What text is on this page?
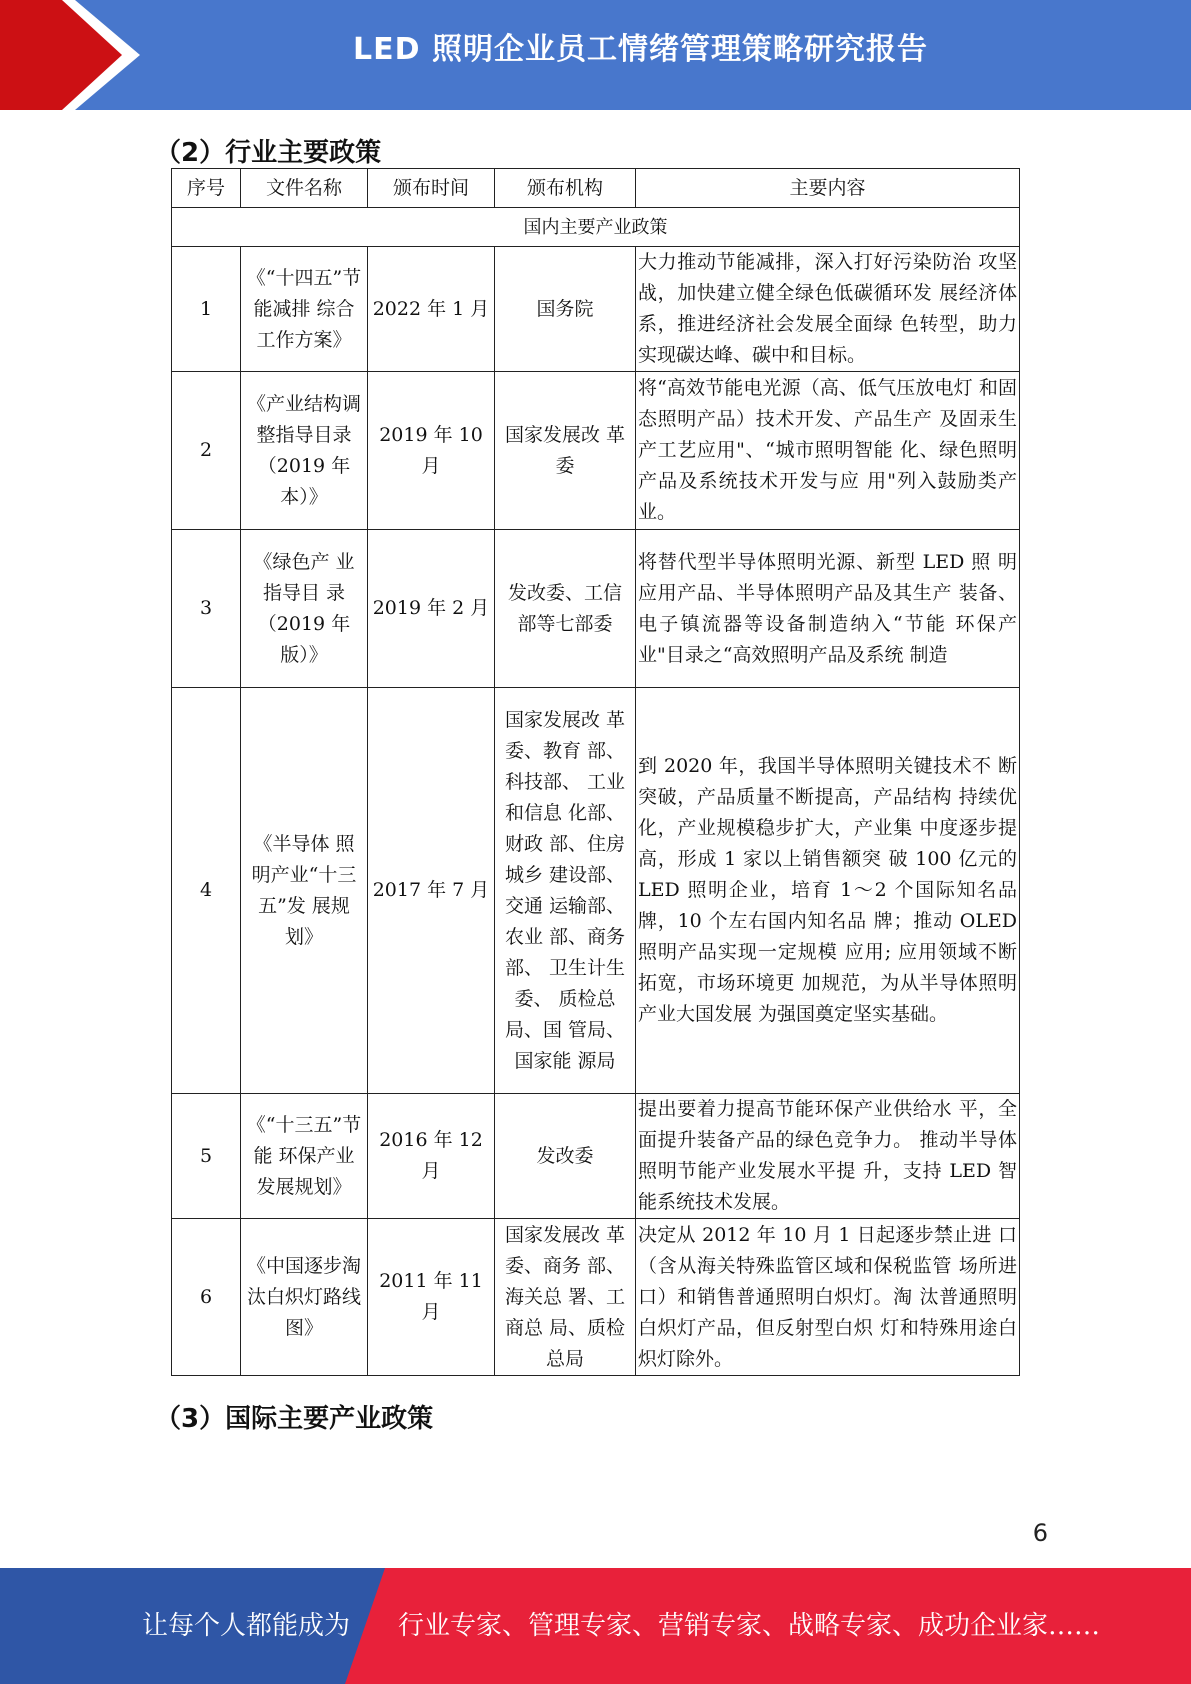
LED 照明企业员工情绪管理策略研究报告
（2）行业主要政策
序号	文件名称	颁布时间	颁布机构	主要内容
国内主要产业政策				
1	《“十四五”节能减排 综合工作方案》	2022 年 1 月	国务院	大力推动节能减排，深入打好污染防治 攻坚战，加快建立健全绿色低碳循环发 展经济体系，推进经济社会发展全面绿 色转型，助力实现碳达峰、碳中和目标。
2	《产业结构调整指导目录（2019 年本）》	2019 年 10 月	国家发展改 革委	将“高效节能电光源（高、低气压放电灯 和固态照明产品）技术开发、产品生产 及固汞生产工艺应用"、“城市照明智能 化、绿色照明产品及系统技术开发与应 用"列入鼓励类产业。
3	《绿色产 业指导目 录（2019 年版）》	2019 年 2 月	发改委、工信部等七部委	将替代型半导体照明光源、新型 LED 照 明应用产品、半导体照明产品及其生产 装备、电子镇流器等设备制造纳入“节能 环保产业"目录之“高效照明产品及系统 制造
4	《半导体 照明产业“十三五”发 展规划》	2017 年 7 月	国家发展改 革委、教育 部、科技部、 工业和信息 化部、财政 部、住房城乡 建设部、交通 运输部、农业 部、商务部、 卫生计生委、 质检总局、国 管局、国家能 源局	到 2020 年，我国半导体照明关键技术不 断突破，产品质量不断提高，产品结构 持续优化，产业规模稳步扩大，产业集 中度逐步提高，形成 1 家以上销售额突 破 100 亿元的 LED 照明企业，培育 1～2 个国际知名品牌，10 个左右国内知名品 牌；推动 OLED 照明产品实现一定规模 应用; 应用领域不断拓宽，市场环境更 加规范，为从半导体照明产业大国发展 为强国奠定坚实基础。
5	《“十三五”节能 环保产业 发展规划》	2016 年 12 月	发改委	提出要着力提高节能环保产业供给水 平，全面提升装备产品的绿色竞争力。 推动半导体照明节能产业发展水平提 升，支持 LED 智能系统技术发展。
6	《中国逐步淘汰白炽灯路线图》	2011 年 11 月	国家发展改 革委、商务 部、海关总 署、工商总 局、质检总局	决定从 2012 年 10 月 1 日起逐步禁止进 口（含从海关特殊监管区域和保税监管 场所进口）和销售普通照明白炽灯。淘 汰普通照明白炽灯产品，但反射型白炽 灯和特殊用途白炽灯除外。
（3）国际主要产业政策
6
让每个人都能成为 行业专家、管理专家、营销专家、战略专家、成功企业家……
